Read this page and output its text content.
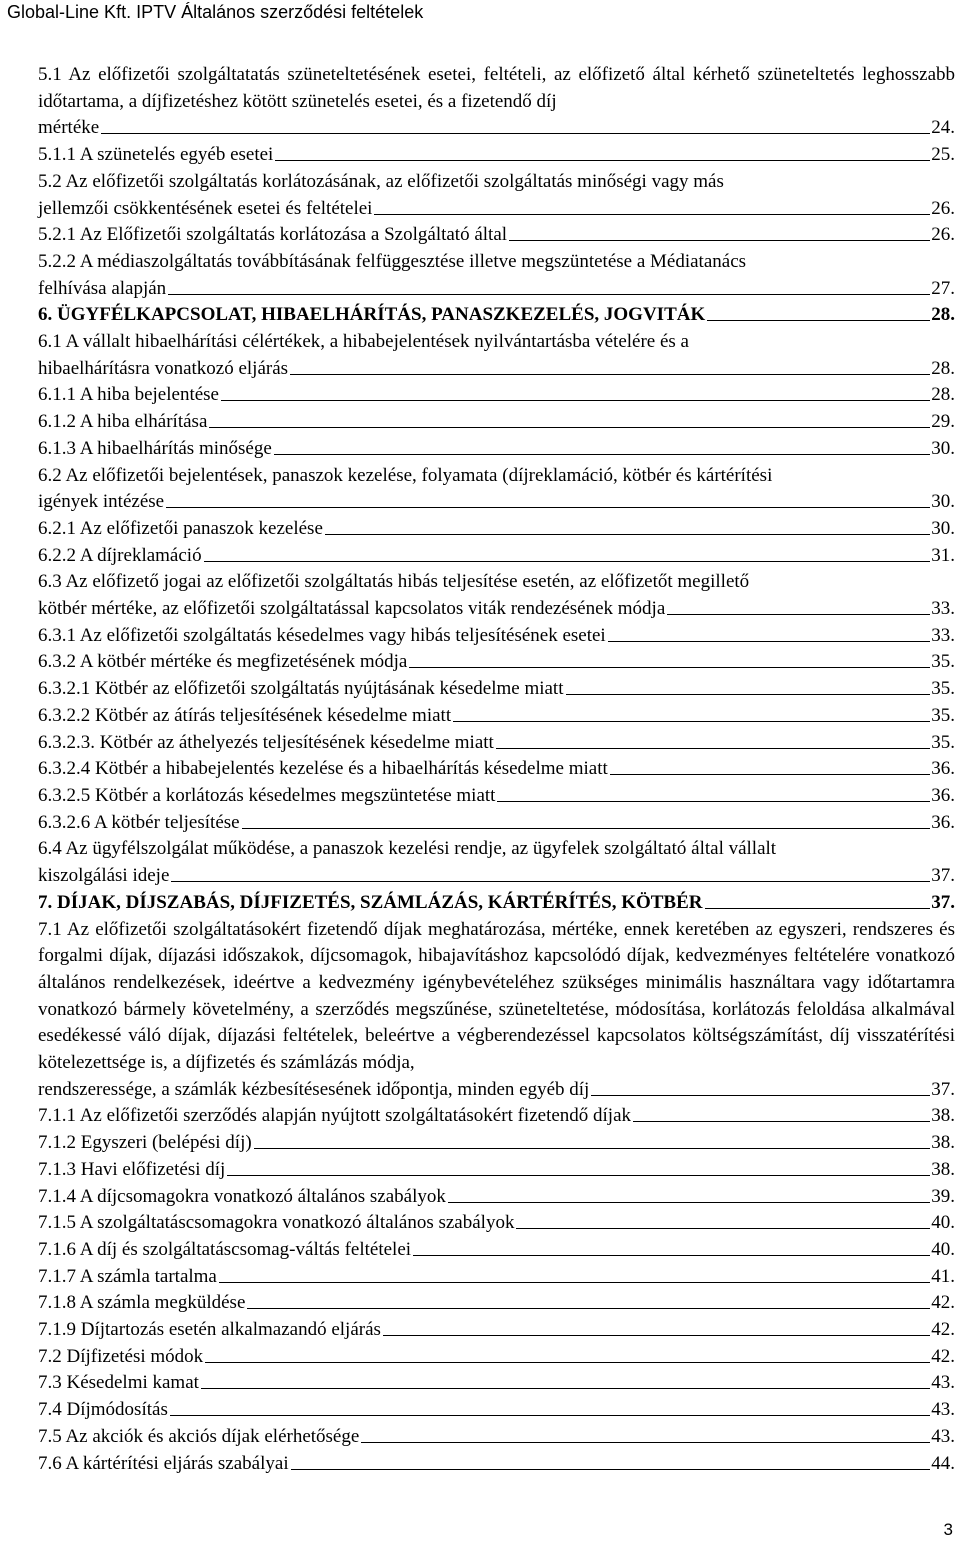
Global-Line Kft. IPTV Általános szerződési feltételek
5.1 Az előfizetői szolgáltatatás szüneteltetésének esetei, feltételi, az előfizető által kérhető szüneteltetés leghosszabb időtartama, a díjfizetéshez kötött szünetelés esetei, és a fizetendő díj
mértéke	24.
5.1.1 A szünetelés egyéb esetei	25.
5.2 Az előfizetői szolgáltatás korlátozásának, az előfizetői szolgáltatás minőségi vagy más
jellemzői csökkentésének esetei és feltételei	26.
5.2.1 Az Előfizetői szolgáltatás korlátozása a Szolgáltató által	26.
5.2.2 A médiaszolgáltatás továbbításának felfüggesztése illetve megszüntetése a Médiatanács
felhívása alapján	27.
6. ÜGYFÉLKAPCSOLAT, HIBAELHÁRÍTÁS, PANASZKEZELÉS, JOGVITÁK	28.
6.1 A vállalt hibaelhárítási célértékek, a hibabejelentések nyilvántartásba vételére és a
hibaelhárításra vonatkozó eljárás	28.
6.1.1 A hiba bejelentése	28.
6.1.2 A hiba elhárítása	29.
6.1.3 A hibaelhárítás minősége	30.
6.2 Az előfizetői bejelentések, panaszok kezelése, folyamata (díjreklamáció, kötbér és kártérítési
igények intézése	30.
6.2.1 Az előfizetői panaszok kezelése	30.
6.2.2 A díjreklamáció	31.
6.3 Az előfizető jogai az előfizetői szolgáltatás hibás teljesítése esetén, az előfizetőt megillető
kötbér mértéke, az előfizetői szolgáltatással kapcsolatos viták rendezésének módja	33.
6.3.1 Az előfizetői szolgáltatás késedelmes vagy hibás teljesítésének esetei	33.
6.3.2 A kötbér mértéke és megfizetésének módja	35.
6.3.2.1 Kötbér az előfizetői szolgáltatás nyújtásának késedelme miatt	35.
6.3.2.2 Kötbér az átírás teljesítésének késedelme miatt	35.
6.3.2.3. Kötbér az áthelyezés teljesítésének késedelme miatt	35.
6.3.2.4 Kötbér a hibabejelentés kezelése és a hibaelhárítás késedelme miatt	36.
6.3.2.5 Kötbér a korlátozás késedelmes megszüntetése miatt	36.
6.3.2.6 A kötbér teljesítése	36.
6.4 Az ügyfélszolgálat működése, a panaszok kezelési rendje, az ügyfelek szolgáltató által vállalt
kiszolgálási ideje	37.
7. DÍJAK, DÍJSZABÁS, DÍJFIZETÉS, SZÁMLÁZÁS, KÁRTÉRÍTÉS, KÖTBÉR	37.
7.1 Az előfizetői szolgáltatásokért fizetendő díjak meghatározása, mértéke, ennek keretében az egyszeri, rendszeres és forgalmi díjak, díjazási időszakok, díjcsomagok, hibajavításhoz kapcsolódó díjak, kedvezményes feltételére vonatkozó általános rendelkezések, ideértve a kedvezmény igénybevételéhez szükséges minimális használtara vagy időtartamra vonatkozó bármely követelmény, a szerződés megszűnése, szüneteltetése, módosítása, korlátozás feloldása alkalmával esedékessé váló díjak, díjazási feltételek, beleértve a végberendezéssel kapcsolatos költségszámítást, díj visszatérítési kötelezettsége is, a díjfizetés és számlázás módja,
rendszeressége, a számlák kézbesítésesének időpontja, minden egyéb díj	37.
7.1.1 Az előfizetői szerződés alapján nyújtott szolgáltatásokért fizetendő díjak	38.
7.1.2 Egyszeri (belépési díj)	38.
7.1.3 Havi előfizetési díj	38.
7.1.4 A díjcsomagokra vonatkozó általános szabályok	39.
7.1.5 A szolgáltatáscsomagokra vonatkozó általános szabályok	40.
7.1.6 A díj és szolgáltatáscsomag-váltás feltételei	40.
7.1.7 A számla tartalma	41.
7.1.8 A számla megküldése	42.
7.1.9 Díjtartozás esetén alkalmazandó eljárás	42.
7.2 Díjfizetési módok	42.
7.3 Késedelmi kamat	43.
7.4 Díjmódosítás	43.
7.5 Az akciók és akciós díjak elérhetősége	43.
7.6 A kártérítési eljárás szabályai	44.
3
